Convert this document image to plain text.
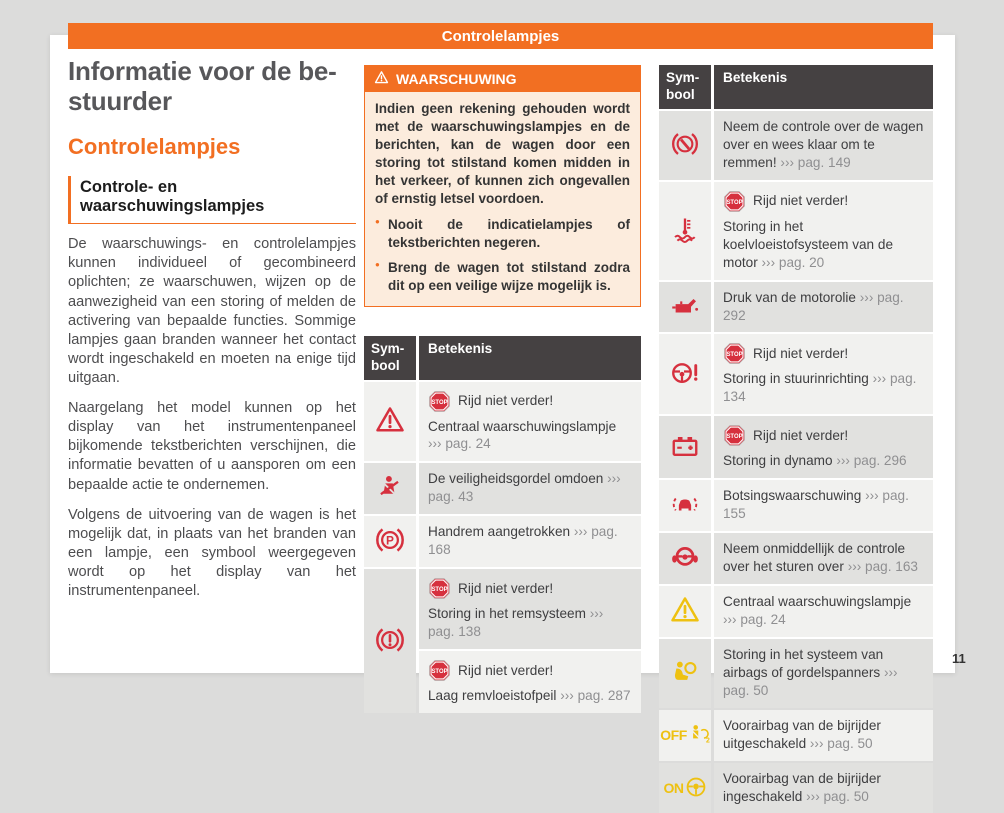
Controlelampjes
Informatie voor de be-
stuurder
Controlelampjes
Controle- en waarschuwingslampjes

De waarschuwings- en controlelampjes kunnen individueel of gecombineerd oplichten; ze waarschuwen, wijzen op de aanwezigheid van een storing of melden de activering van bepaalde functies. Sommige lampjes gaan branden wanneer het contact wordt ingeschakeld en moeten na enige tijd uitgaan.

Naargelang het model kunnen op het display van het instrumentenpaneel bijkomende tekstberichten verschijnen, die informatie bevatten of u aansporen om een bepaalde actie te ondernemen.

Volgens de uitvoering van de wagen is het mogelijk dat, in plaats van het branden van een lampje, een symbool weergegeven wordt op het display van het instrumentenpaneel.

WAARSCHUWING

Indien geen rekening gehouden wordt met de waarschuwingslampjes en de berichten, kan de wagen door een storing tot stilstand komen midden in het verkeer, of kunnen zich ongevallen of ernstig letsel voordoen.

● Nooit de indicatielampjes of tekstberichten negeren.
● Breng de wagen tot stilstand zodra dit op een veilige wijze mogelijk is.
Sym-bool
Betekenis
STOP Rijd niet verder!
Centraal waarschuwingslampje ››› pag. 24
De veiligheidsgordel omdoen ››› pag. 43
P
Handrem aangetrokken ››› pag. 168
STOP Rijd niet verder!
Storing in het remsysteem ››› pag. 138
STOP Rijd niet verder!
Laag remvloeistofpeil ››› pag. 287
Sym-bool
Betekenis
Neem de controle over de wagen over en wees klaar om te remmen! ››› pag. 149
STOP Rijd niet verder!
Storing in het koelvloeistofsysteem van de motor ››› pag. 20
Druk van de motorolie ››› pag. 292
STOP Rijd niet verder!
Storing in stuurinrichting ››› pag. 134
STOP Rijd niet verder!
Storing in dynamo ››› pag. 296
Botsingswaarschuwing ››› pag. 155
Neem onmiddellijk de controle over het sturen over ››› pag. 163
Centraal waarschuwingslampje ››› pag. 24
Storing in het systeem van airbags of gordelspanners ››› pag. 50
OFF	2
Voorairbag van de bijrijder uitgeschakeld ››› pag. 50
ON
Voorairbag van de bijrijder ingeschakeld ››› pag. 50
11
